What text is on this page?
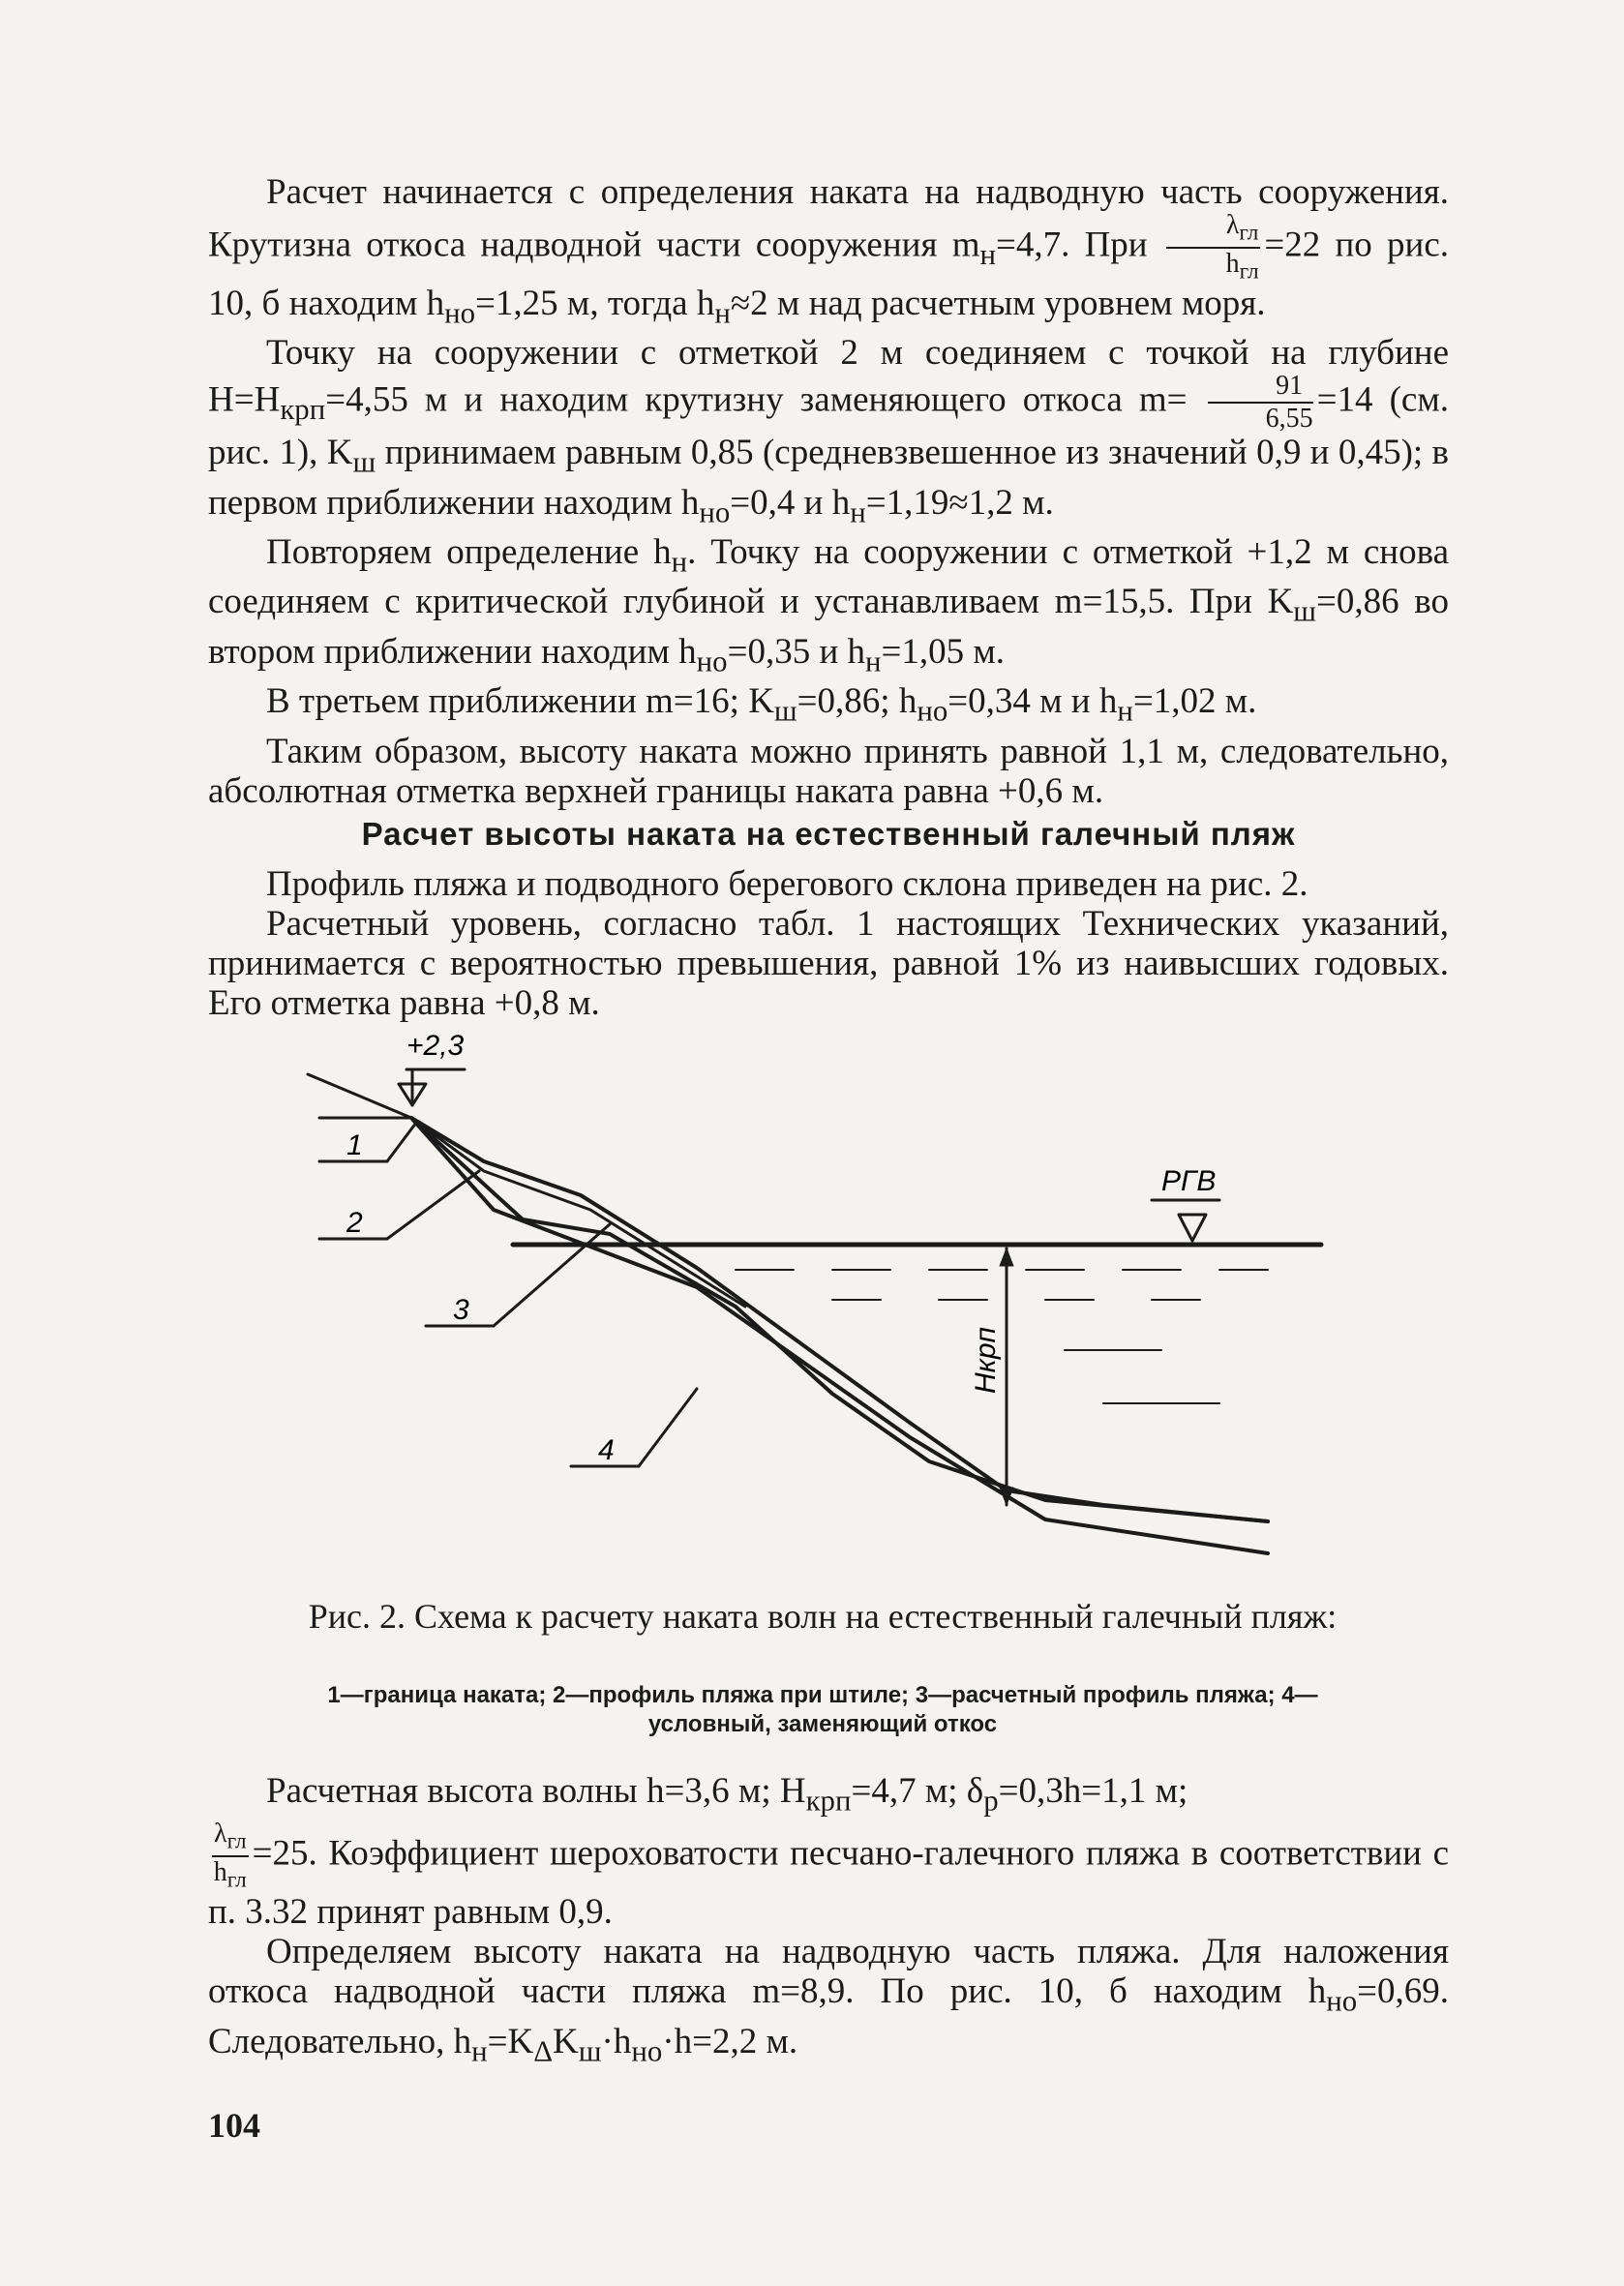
Расчет начинается с определения наката на надводную часть сооружения. Крутизна откоса надводной части сооружения $m_н=4,7$. При $\frac{\lambda_{гл}}{h_{гл}} =22$ по рис. 10, б находим $h_{но}=1,25$ м, тогда $h_н\approx 2$ м над расчетным уровнем моря.

Точку на сооружении с отметкой 2 м соединяем с точкой на глубине $H=H_{крп}=4,55$ м и находим крутизну заменяющего откоса $m= \frac{91}{6,55} =14$ (см. рис. 1), $K_ш$ принимаем равным 0,85 (средневзвешенное из значений 0,9 и 0,45); в первом приближении находим $h_{но}=0,4$ и $h_н=1,19\approx 1,2$ м.

Повторяем определение $h_н$. Точку на сооружении с отметкой +1,2 м снова соединяем с критической глубиной и устанавливаем m=15,5. При $K_ш=0,86$ во втором приближении находим $h_{но}=0,35$ и $h_н=1,05$ м.

В третьем приближении m=16; $K_ш=0,86$; $h_{но}=0,34$ м и $h_н=1,02$ м.

Таким образом, высоту наката можно принять равной 1,1 м, следовательно, абсолютная отметка верхней границы наката равна +0,6 м.

Расчет высоты наката на естественный галечный пляж

Профиль пляжа и подводного берегового склона приведен на рис. 2.

Расчетный уровень, согласно табл. 1 настоящих Технических указаний, принимается с вероятностью превышения, равной 1% из наивысших годовых. Его отметка равна +0,8 м.

+2,3
РГВ
Hкрп
1
2
3
4
Рис. 2. Схема к расчету наката волн на естественный галечный пляж:
1—граница наката; 2—профиль пляжа при штиле; 3—расчетный профиль пляжа; 4—условный, заменяющий откос

Расчетная высота волны h=3,6 м; $H_{крп}=4,7$ м; $\delta_р=0,3h=1,1$ м;

$\frac{\lambda_{гл}}{h_{гл}} =25$. Коэффициент шероховатости песчано-галечного пляжа в соответствии с п. 3.32 принят равным 0,9.

Определяем высоту наката на надводную часть пляжа. Для наложения откоса надводной части пляжа m=8,9. По рис. 10, б находим $h_{но}=0,69$. Следовательно, $h_н=K_\Delta K_ш\cdot h_{но}\cdot h=2,2$ м.

104
